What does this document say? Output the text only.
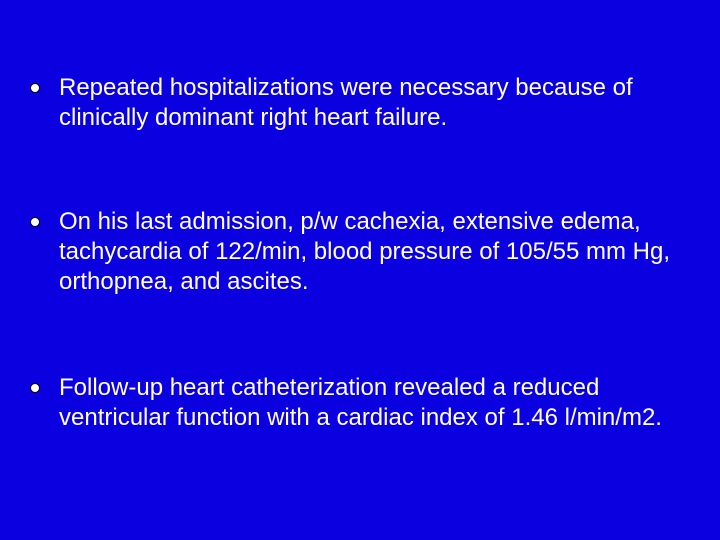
Repeated hospitalizations were necessary because of clinically dominant right heart failure.

On his last admission, p/w cachexia, extensive edema, tachycardia of 122/min, blood pressure of 105/55 mm Hg, orthopnea, and ascites.

Follow-up heart catheterization revealed a reduced ventricular function with a cardiac index of 1.46 l/min/m2.
